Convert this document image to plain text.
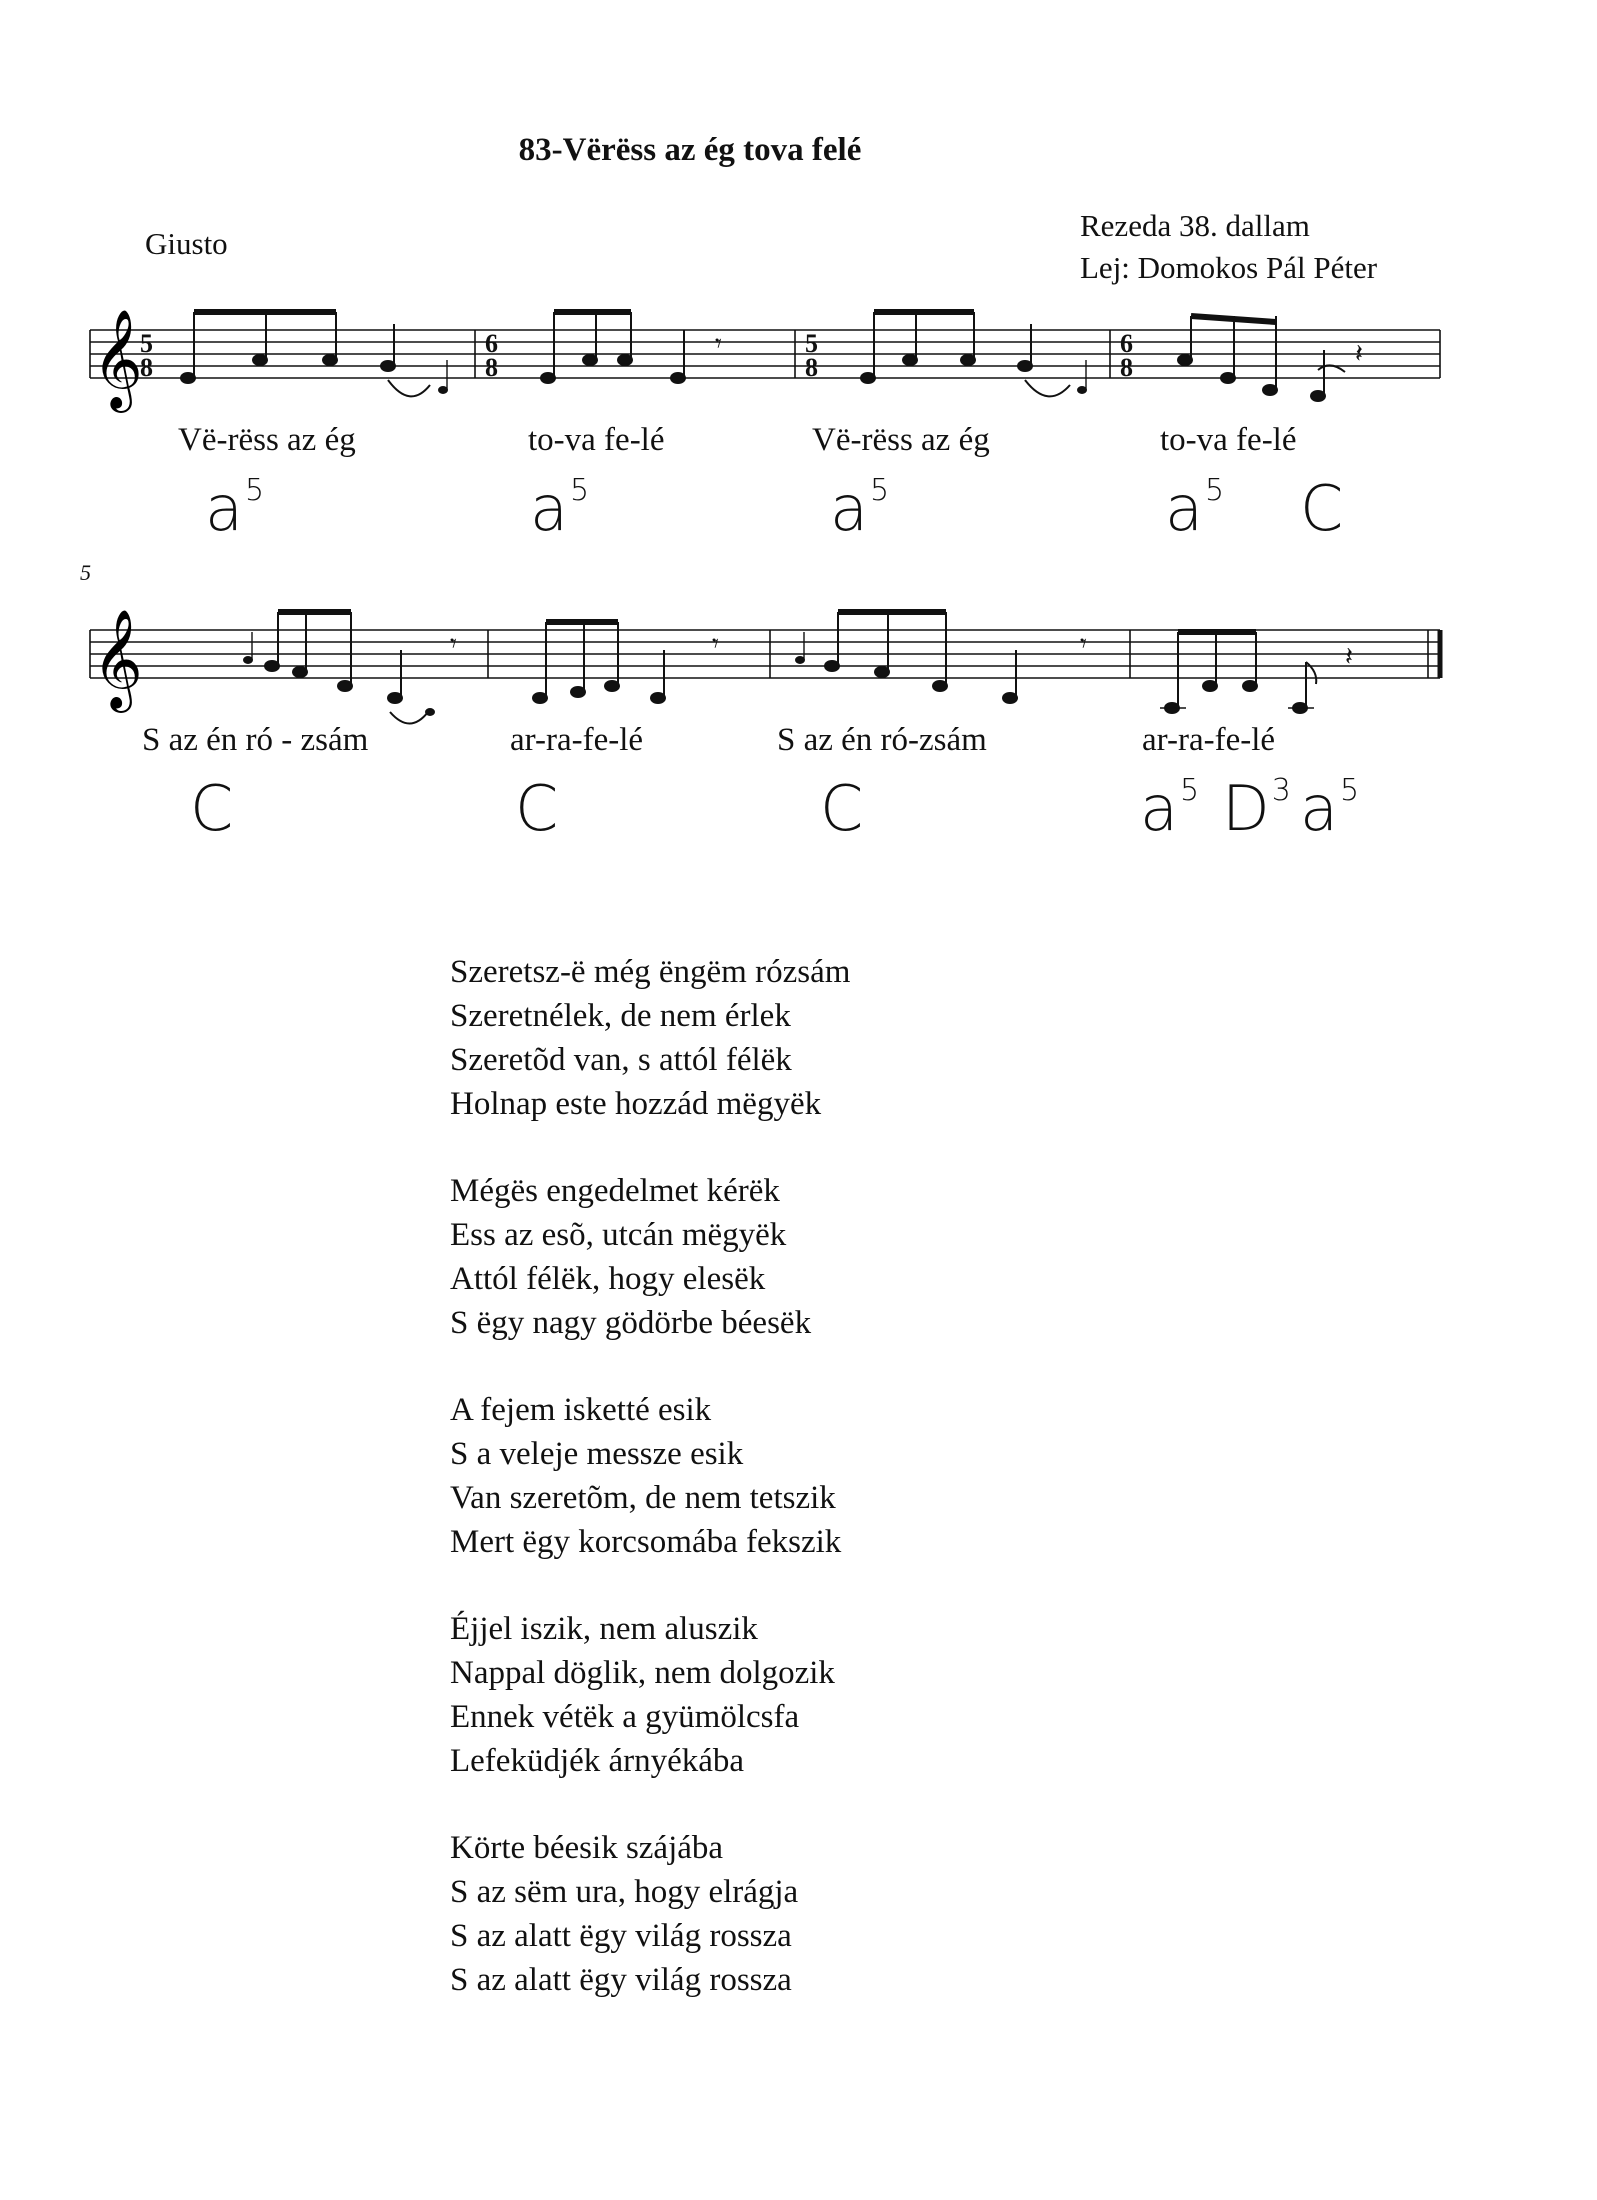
83-Vërëss az ég tova felé
Giusto
Rezeda 38. dallam
Lej: Domokos Pál Péter
5
𝄞
𝄞
5
8
6
8
5
8
6
8
𝄾	𝄽
𝄾	𝄾	𝄾	𝄽
Vë-rëss az ég	to-va fe-lé	Vë-rëss az ég	to-va fe-lé
$a^5$	$a^5$	$a^5$	$a^5$ C
S az én ró - zsám	ar-ra-fe-lé	S az én ró-zsám	ar-ra-fe-lé
C	C	C	$a^5$ $D^3$ $a^5$
Szeretsz-ë még ëngëm rózsám
Szeretnélek, de nem érlek
Szeretõd van, s attól félëk
Holnap este hozzád mëgyëk
Mégës engedelmet kérëk
Ess az esõ, utcán mëgyëk
Attól félëk, hogy elesëk
S ëgy nagy gödörbe béesëk
A fejem isketté esik
S a veleje messze esik
Van szeretõm, de nem tetszik
Mert ëgy korcsomába fekszik
Éjjel iszik, nem aluszik
Nappal döglik, nem dolgozik
Ennek vétëk a gyümölcsfa
Lefeküdjék árnyékába
Körte béesik szájába
S az sëm ura, hogy elrágja
S az alatt ëgy világ rossza
S az alatt ëgy világ rossza
